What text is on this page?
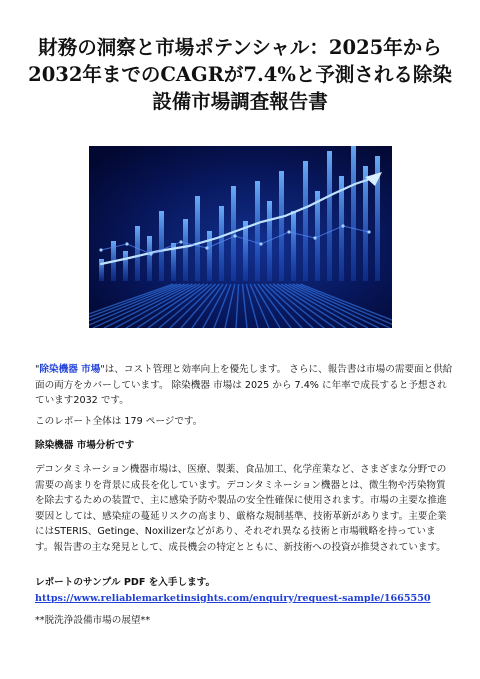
財務の洞察と市場ポテンシャル：2025年から2032年までのCAGRが7.4%と予測される除染設備市場調査報告書

"除染機器 市場"は、コスト管理と効率向上を優先します。 さらに、報告書は市場の需要面と供給面の両方をカバーしています。 除染機器 市場は 2025 から 7.4% に年率で成長すると予想されています2032 です。

このレポート全体は 179 ページです。

除染機器 市場分析です

デコンタミネーション機器市場は、医療、製薬、食品加工、化学産業など、さまざまな分野での需要の高まりを背景に成長を化しています。デコンタミネーション機器とは、微生物や汚染物質を除去するための装置で、主に感染予防や製品の安全性確保に使用されます。市場の主要な推進要因としては、感染症の蔓延リスクの高まり、厳格な規制基準、技術革新があります。主要企業にはSTERIS、Getinge、Noxilizerなどがあり、それぞれ異なる技術と市場戦略を持っています。報告書の主な発見として、成長機会の特定とともに、新技術への投資が推奨されています。

レポートのサンプル PDF を入手します。 https://www.reliablemarketinsights.com/enquiry/request-sample/1665550

**脱洗浄設備市場の展望**
